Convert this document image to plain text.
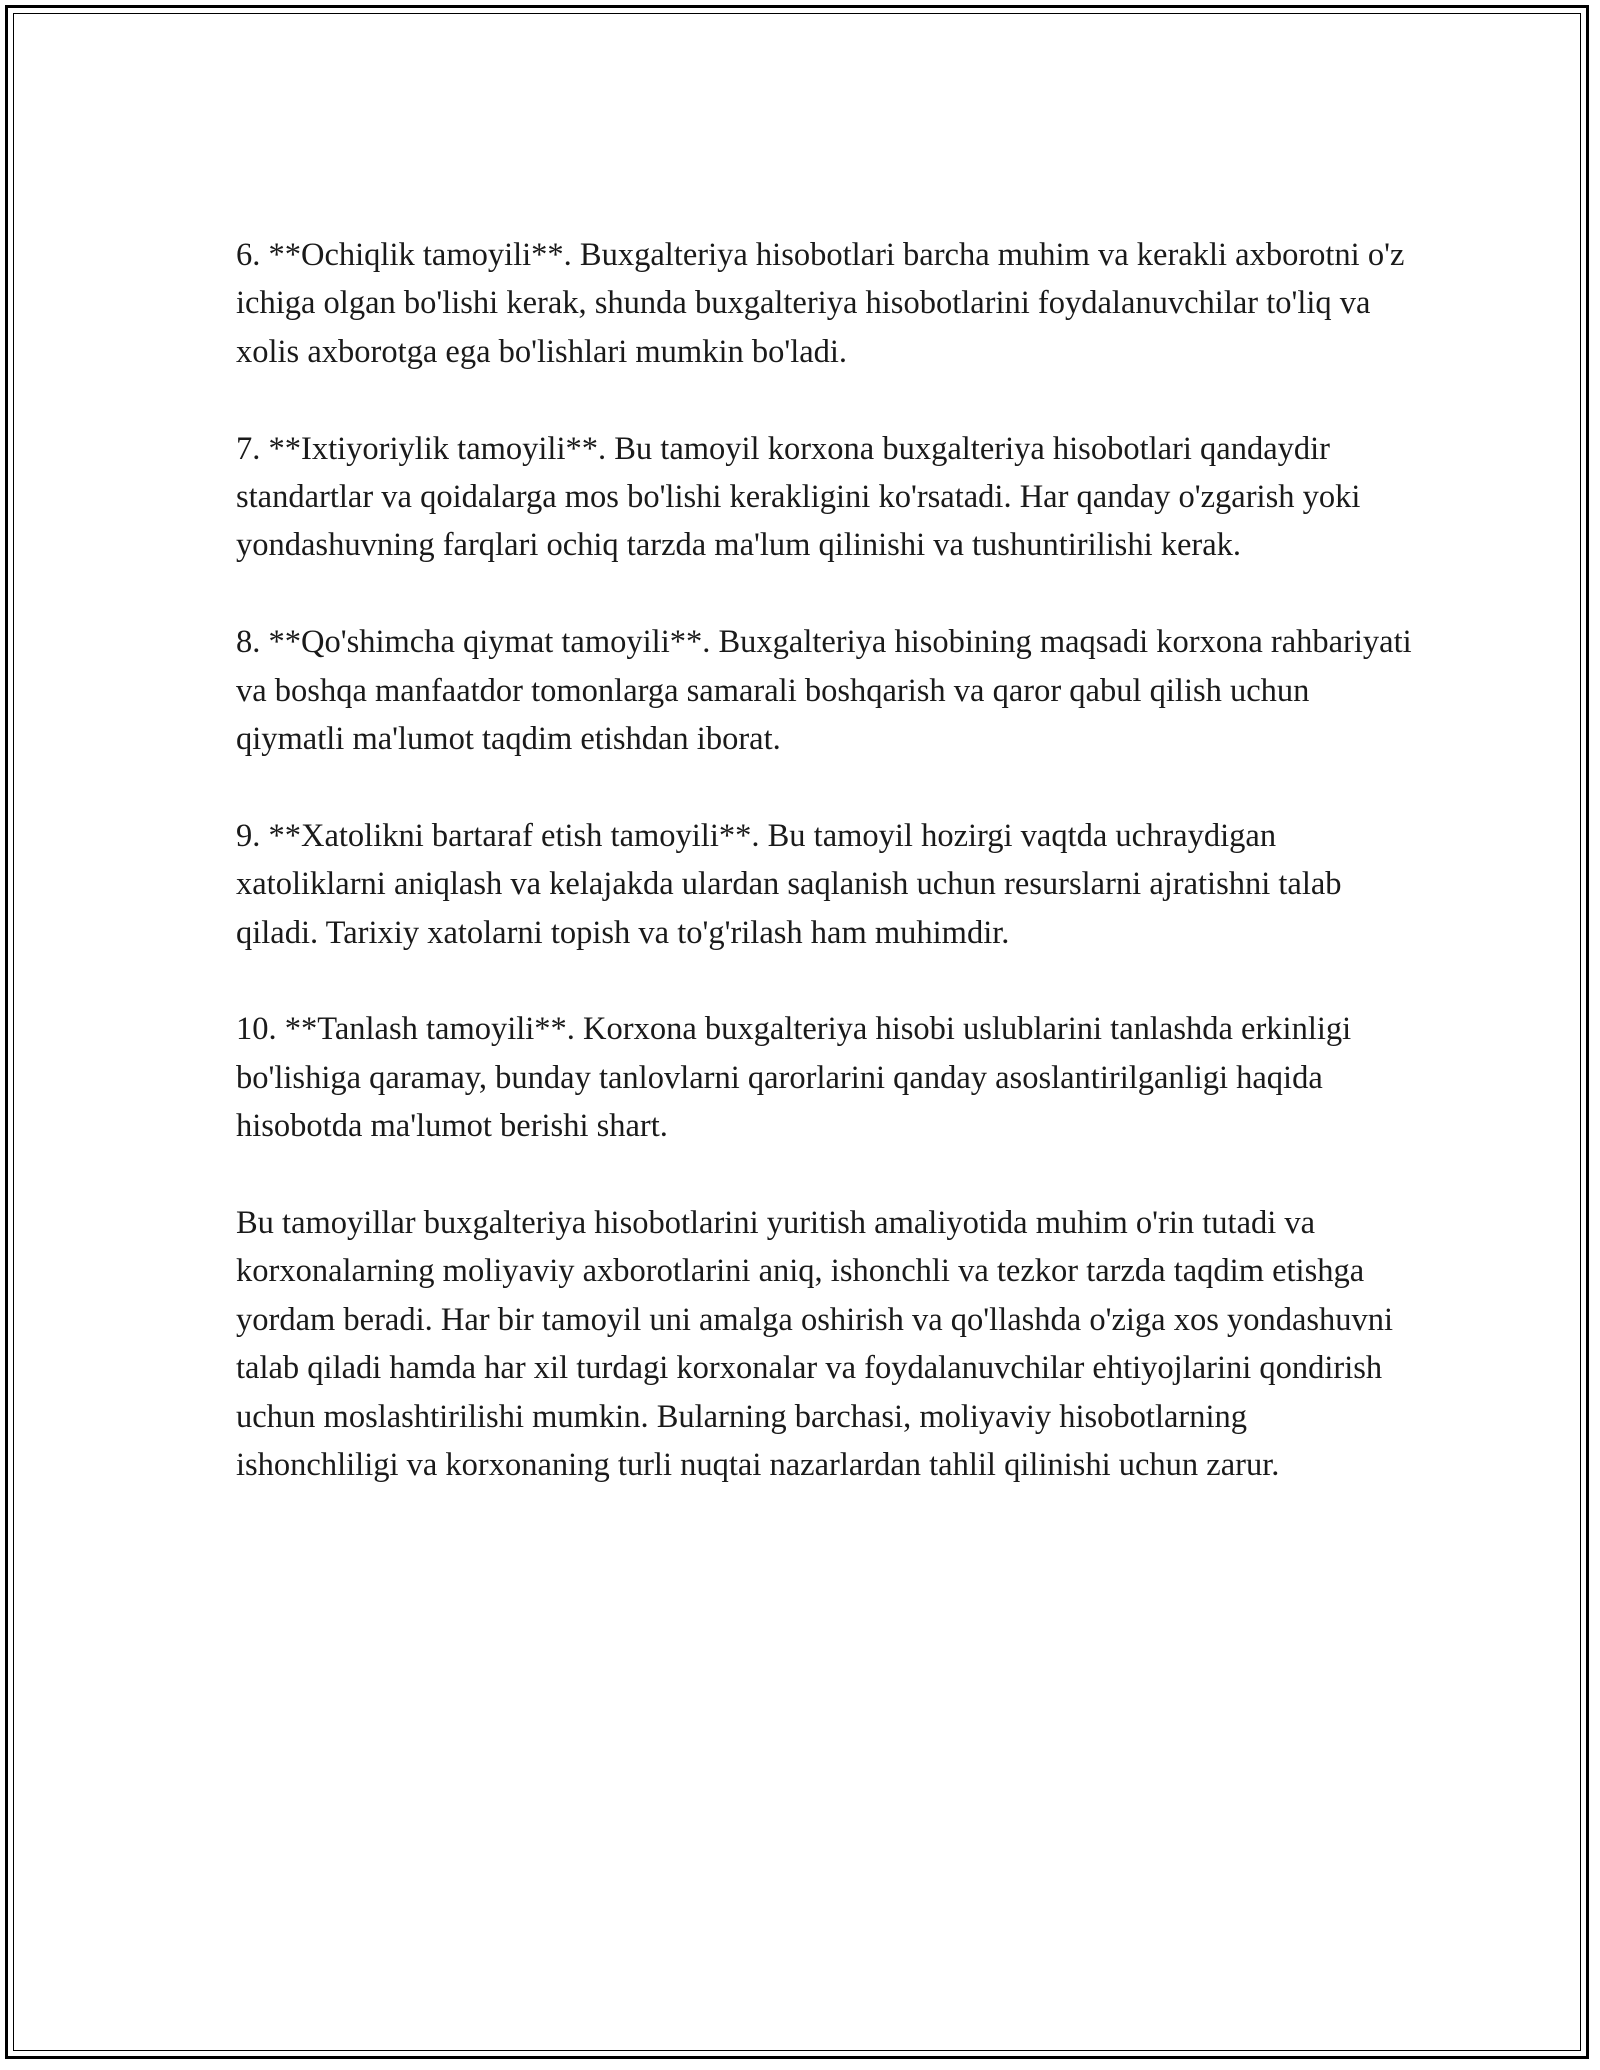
6. **Ochiqlik tamoyili**. Buxgalteriya hisobotlari barcha muhim va kerakli axborotni o'z ichiga olgan bo'lishi kerak, shunda buxgalteriya hisobotlarini foydalanuvchilar to'liq va xolis axborotga ega bo'lishlari mumkin bo'ladi.

7. **Ixtiyoriylik tamoyili**. Bu tamoyil korxona buxgalteriya hisobotlari qandaydir standartlar va qoidalarga mos bo'lishi kerakligini ko'rsatadi. Har qanday o'zgarish yoki yondashuvning farqlari ochiq tarzda ma'lum qilinishi va tushuntirilishi kerak.

8. **Qo'shimcha qiymat tamoyili**. Buxgalteriya hisobining maqsadi korxona rahbariyati va boshqa manfaatdor tomonlarga samarali boshqarish va qaror qabul qilish uchun qiymatli ma'lumot taqdim etishdan iborat.

9. **Xatolikni bartaraf etish tamoyili**. Bu tamoyil hozirgi vaqtda uchraydigan xatoliklarni aniqlash va kelajakda ulardan saqlanish uchun resurslarni ajratishni talab qiladi. Tarixiy xatolarni topish va to'g'rilash ham muhimdir.

10. **Tanlash tamoyili**. Korxona buxgalteriya hisobi uslublarini tanlashda erkinligi bo'lishiga qaramay, bunday tanlovlarni qarorlarini qanday asoslantirilganligi haqida hisobotda ma'lumot berishi shart.

Bu tamoyillar buxgalteriya hisobotlarini yuritish amaliyotida muhim o'rin tutadi va korxonalarning moliyaviy axborotlarini aniq, ishonchli va tezkor tarzda taqdim etishga yordam beradi. Har bir tamoyil uni amalga oshirish va qo'llashda o'ziga xos yondashuvni talab qiladi hamda har xil turdagi korxonalar va foydalanuvchilar ehtiyojlarini qondirish uchun moslashtirilishi mumkin. Bularning barchasi, moliyaviy hisobotlarning ishonchliligi va korxonaning turli nuqtai nazarlardan tahlil qilinishi uchun zarur.
